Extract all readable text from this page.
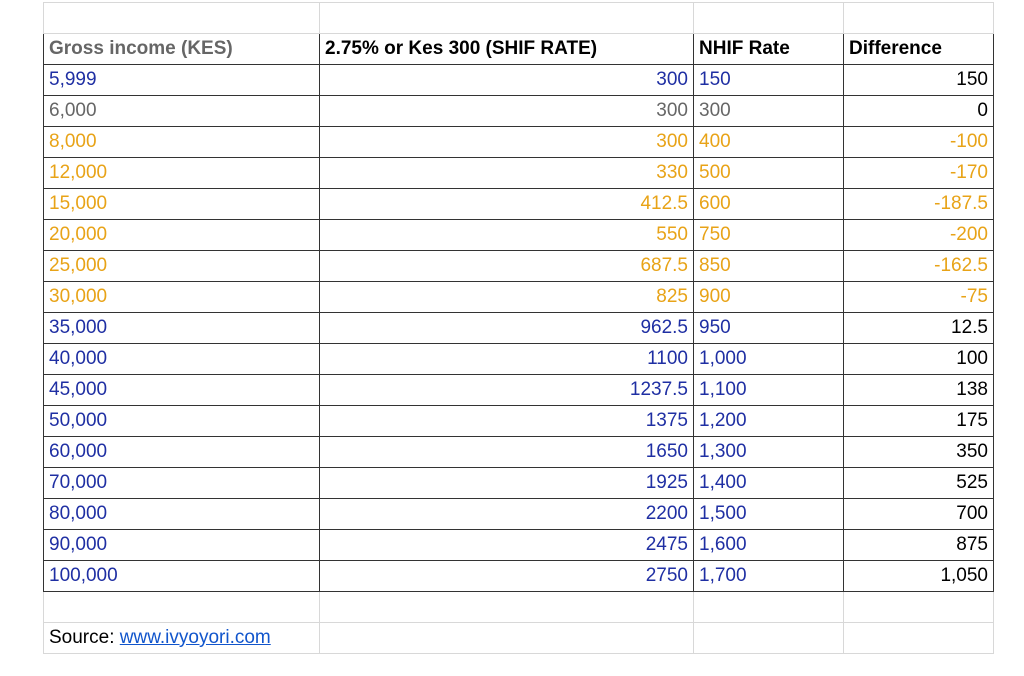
Gross income (KES)	2.75% or Kes 300 (SHIF RATE)	NHIF Rate	Difference
5,999	300	150	150
6,000	300	300	0
8,000	300	400	-100
12,000	330	500	-170
15,000	412.5	600	-187.5
20,000	550	750	-200
25,000	687.5	850	-162.5
30,000	825	900	-75
35,000	962.5	950	12.5
40,000	1100	1,000	100
45,000	1237.5	1,100	138
50,000	1375	1,200	175
60,000	1650	1,300	350
70,000	1925	1,400	525
80,000	2200	1,500	700
90,000	2475	1,600	875
100,000	2750	1,700	1,050

Source: www.ivyoyori.com			
